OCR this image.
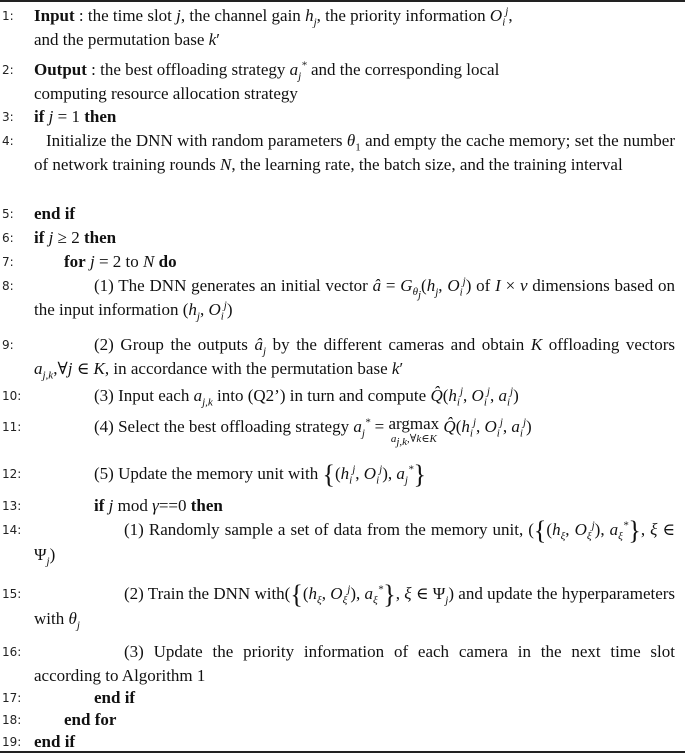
1:	Input : the time slot j, the channel gain $h_j$, the priority information $O_i^j$,
and the permutation base k′
2:	Output : the best offloading strategy $a_j^*$ and the corresponding local
computing resource allocation strategy
3:	if j = 1 then
4:	Initialize the DNN with random parameters $\theta_1$ and empty the cache memory; set the number of network training rounds N, the learning rate, the batch size, and the training interval
5:	end if
6:	if j ≥ 2 then
7:	for j = 2 to N do
8:	(1) The DNN generates an initial vector â = $G_{\theta_j}(h_j$, $O_i^j$) of I × v dimensions based on the input information ($h_j$, $O_i^j$)
9:	(2) Group the outputs $â_j$ by the different cameras and obtain K offloading vectors $a_{j,k},\forall j$ ∈ K, in accordance with the permutation base k′
10:	(3) Input each $a_{j,k}$ into (Q2’) in turn and compute $Q̂(h_i^j$, $O_i^j$, $a_i^j$)
11:	(4) Select the best offloading strategy $a_j^* = argmax$
$a_{j,k},\forall k\in K$
$Q̂(h_i^j$, $O_i^j$, $a_i^j$)
12:	(5) Update the memory unit with {($h_i^j$, $O_i^j$), $a_j^*$}
13:	if j mod γ==0 then
14:	(1) Randomly sample a set of data from the memory unit, ({($h_\xi$, $O_\xi^j$), $a_\xi^*$}, ξ ∈ $\Psi_j$)
15:	(2) Train the DNN $with(\{(h_\xi$, $O_\xi^j$), $a_\xi^*$}, ξ ∈ $\Psi_j$) and update the hyperparameters with $\theta_j$
16:	(3) Update the priority information of each camera in the next time slot according to Algorithm 1
17:	end if
18:	end for
19: end if
